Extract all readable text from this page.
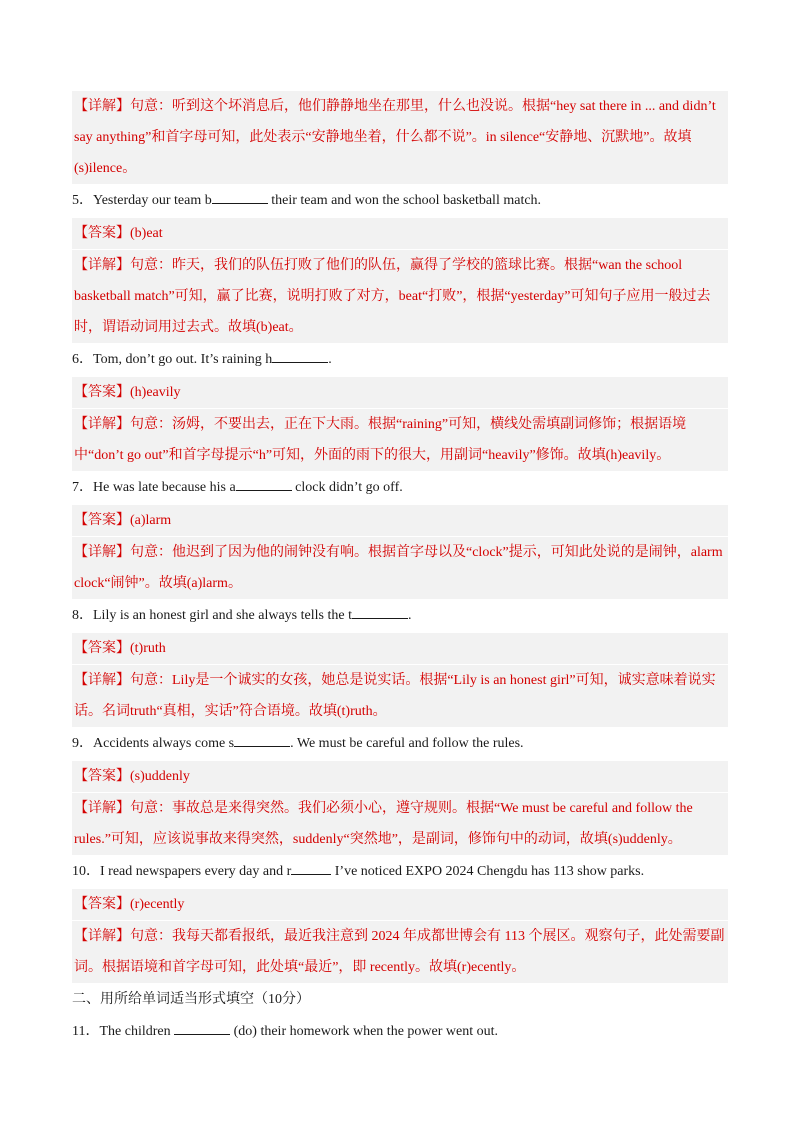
【详解】句意：听到这个坏消息后，他们静静地坐在那里，什么也没说。根据“hey sat there in ... and didn’t say anything”和首字母可知，此处表示“安静地坐着，什么都不说”。in silence“安静地、沉默地”。故填(s)ilence。
5．Yesterday our team b	their team and won the school basketball match.
【答案】(b)eat
【详解】句意：昨天，我们的队伍打败了他们的队伍，赢得了学校的篮球比赛。根据“wan the school basketball match”可知，赢了比赛，说明打败了对方，beat“打败”，根据“yesterday”可知句子应用一般过去时，谓语动词用过去式。故填(b)eat。
6．Tom, don’t go out. It’s raining h	.
【答案】(h)eavily
【详解】句意：汤姆，不要出去，正在下大雨。根据“raining”可知，横线处需填副词修饰；根据语境中“don’t go out”和首字母提示“h”可知，外面的雨下的很大，用副词“heavily”修饰。故填(h)eavily。
7．He was late because his a	clock didn’t go off.
【答案】(a)larm
【详解】句意：他迟到了因为他的闹钟没有响。根据首字母以及“clock”提示，可知此处说的是闹钟，alarm clock“闹钟”。故填(a)larm。
8．Lily is an honest girl and she always tells the t	.
【答案】(t)ruth
【详解】句意：Lily是一个诚实的女孩，她总是说实话。根据“Lily is an honest girl”可知，诚实意味着说实话。名词truth“真相，实话”符合语境。故填(t)ruth。
9．Accidents always come s	. We must be careful and follow the rules.
【答案】(s)uddenly
【详解】句意：事故总是来得突然。我们必须小心，遵守规则。根据“We must be careful and follow the rules.”可知，应该说事故来得突然，suddenly“突然地”，是副词，修饰句中的动词，故填(s)uddenly。
10．I read newspapers every day and r	I’ve noticed EXPO 2024 Chengdu has 113 show parks.
【答案】(r)ecently
【详解】句意：我每天都看报纸，最近我注意到 2024 年成都世博会有 113 个展区。观察句子，此处需要副词。根据语境和首字母可知，此处填“最近”，即 recently。故填(r)ecently。
二、用所给单词适当形式填空（10分）
11．The children	(do) their homework when the power went out.
